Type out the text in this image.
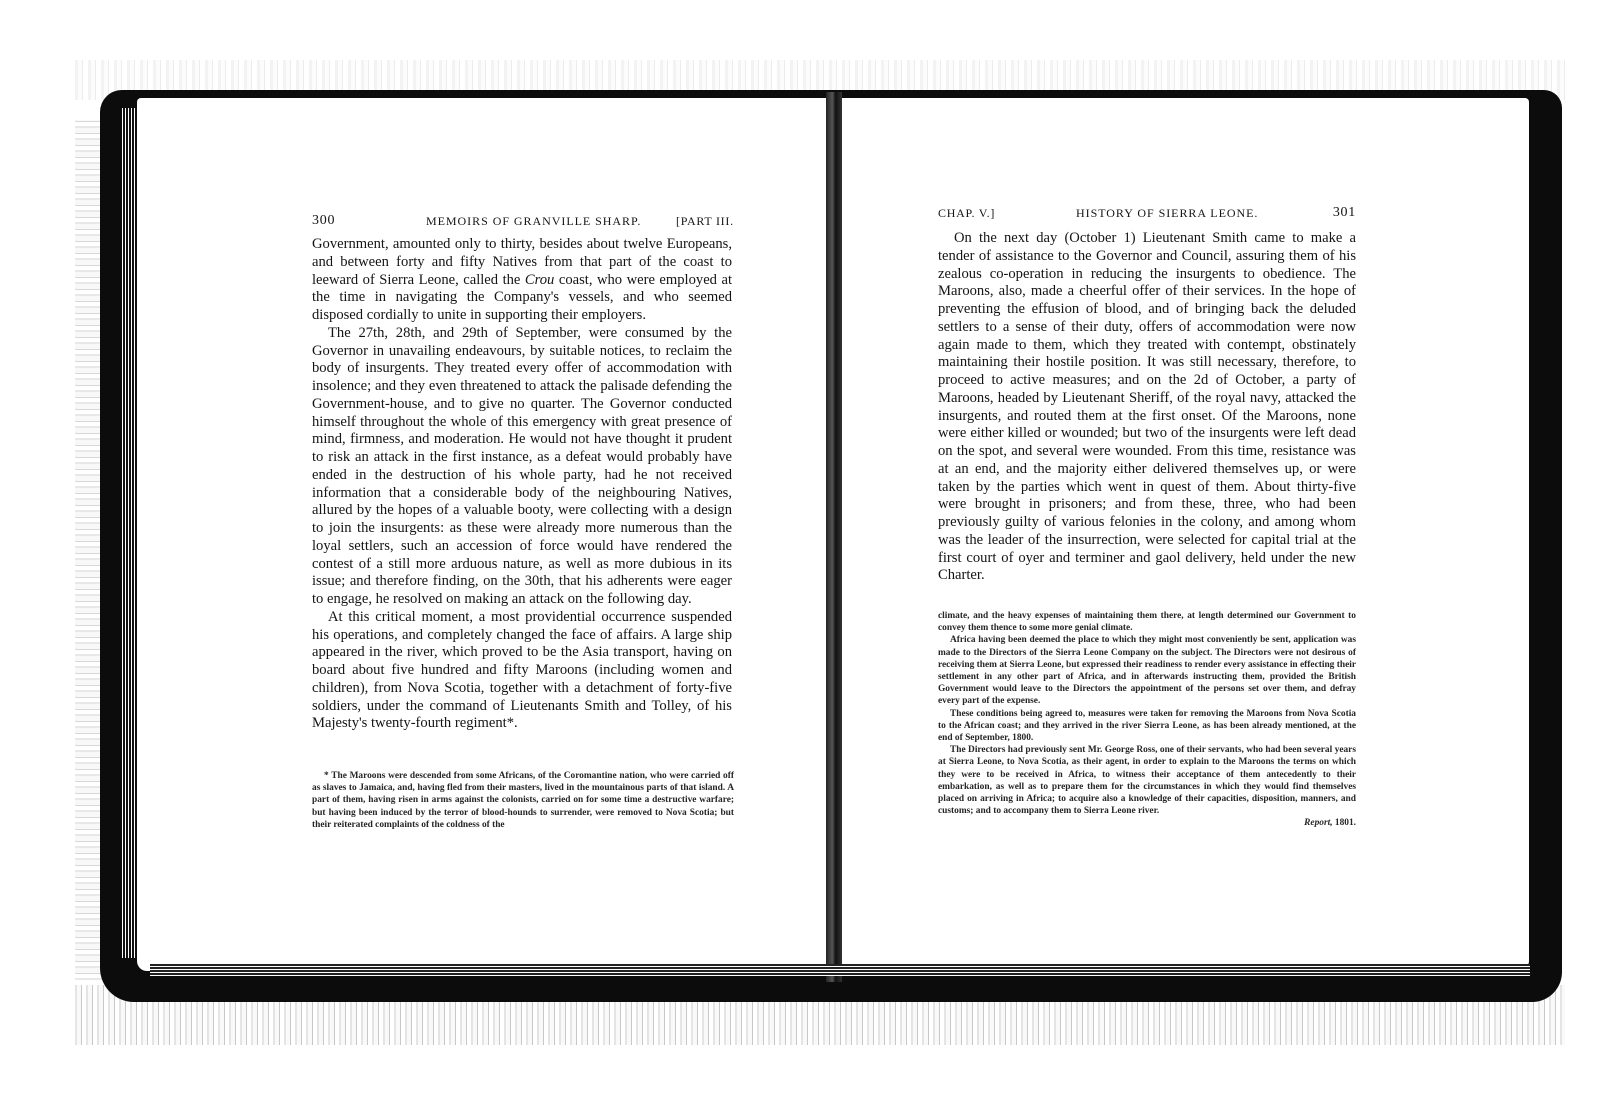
300	MEMOIRS OF GRANVILLE SHARP.	[PART III.

Government, amounted only to thirty, besides about twelve Europeans, and between forty and fifty Natives from that part of the coast to leeward of Sierra Leone, called the Crou coast, who were employed at the time in navigating the Company's vessels, and who seemed disposed cordially to unite in supporting their employers.

The 27th, 28th, and 29th of September, were consumed by the Governor in unavailing endeavours, by suitable notices, to reclaim the body of insurgents. They treated every offer of accommodation with insolence; and they even threatened to attack the palisade defending the Government-house, and to give no quarter. The Governor conducted himself throughout the whole of this emergency with great presence of mind, firmness, and moderation. He would not have thought it prudent to risk an attack in the first instance, as a defeat would probably have ended in the destruction of his whole party, had he not received information that a considerable body of the neighbouring Natives, allured by the hopes of a valuable booty, were collecting with a design to join the insurgents: as these were already more numerous than the loyal settlers, such an accession of force would have rendered the contest of a still more arduous nature, as well as more dubious in its issue; and therefore finding, on the 30th, that his adherents were eager to engage, he resolved on making an attack on the following day.

At this critical moment, a most providential occurrence suspended his operations, and completely changed the face of affairs. A large ship appeared in the river, which proved to be the Asia transport, having on board about five hundred and fifty Maroons (including women and children), from Nova Scotia, together with a detachment of forty-five soldiers, under the command of Lieutenants Smith and Tolley, of his Majesty's twenty-fourth regiment*.

* The Maroons were descended from some Africans, of the Coromantine nation, who were carried off as slaves to Jamaica, and, having fled from their masters, lived in the mountainous parts of that island. A part of them, having risen in arms against the colonists, carried on for some time a destructive warfare; but having been induced by the terror of blood-hounds to surrender, were removed to Nova Scotia; but their reiterated complaints of the coldness of the

CHAP. V.]	HISTORY OF SIERRA LEONE.	301

On the next day (October 1) Lieutenant Smith came to make a tender of assistance to the Governor and Council, assuring them of his zealous co-operation in reducing the insurgents to obedience. The Maroons, also, made a cheerful offer of their services. In the hope of preventing the effusion of blood, and of bringing back the deluded settlers to a sense of their duty, offers of accommodation were now again made to them, which they treated with contempt, obstinately maintaining their hostile position. It was still necessary, therefore, to proceed to active measures; and on the 2d of October, a party of Maroons, headed by Lieutenant Sheriff, of the royal navy, attacked the insurgents, and routed them at the first onset. Of the Maroons, none were either killed or wounded; but two of the insurgents were left dead on the spot, and several were wounded. From this time, resistance was at an end, and the majority either delivered themselves up, or were taken by the parties which went in quest of them. About thirty-five were brought in prisoners; and from these, three, who had been previously guilty of various felonies in the colony, and among whom was the leader of the insurrection, were selected for capital trial at the first court of oyer and terminer and gaol delivery, held under the new Charter.

climate, and the heavy expenses of maintaining them there, at length determined our Government to convey them thence to some more genial climate.

Africa having been deemed the place to which they might most conveniently be sent, application was made to the Directors of the Sierra Leone Company on the subject. The Directors were not desirous of receiving them at Sierra Leone, but expressed their readiness to render every assistance in effecting their settlement in any other part of Africa, and in afterwards instructing them, provided the British Government would leave to the Directors the appointment of the persons set over them, and defray every part of the expense.

These conditions being agreed to, measures were taken for removing the Maroons from Nova Scotia to the African coast; and they arrived in the river Sierra Leone, as has been already mentioned, at the end of September, 1800.

The Directors had previously sent Mr. George Ross, one of their servants, who had been several years at Sierra Leone, to Nova Scotia, as their agent, in order to explain to the Maroons the terms on which they were to be received in Africa, to witness their acceptance of them antecedently to their embarkation, as well as to prepare them for the circumstances in which they would find themselves placed on arriving in Africa; to acquire also a knowledge of their capacities, disposition, manners, and customs; and to accompany them to Sierra Leone river.

Report, 1801.
